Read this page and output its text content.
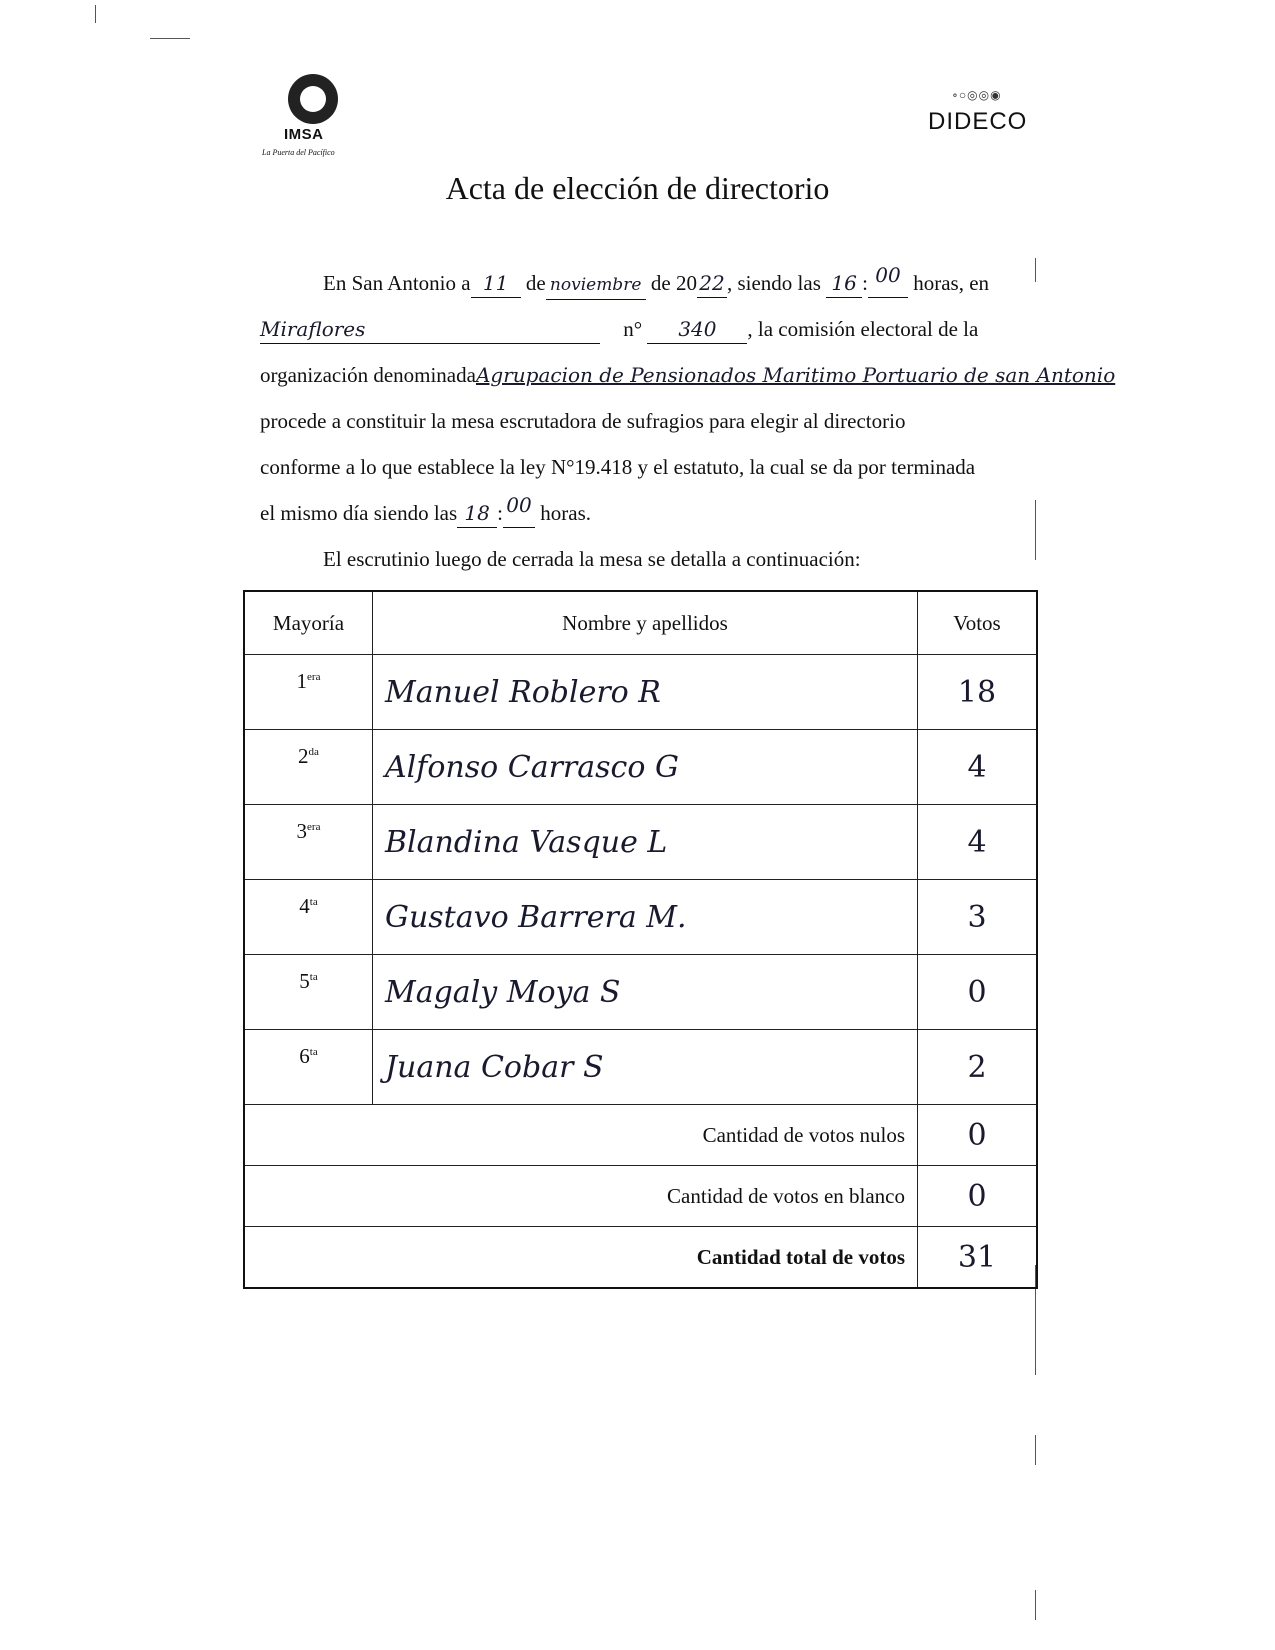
IMSA
La Puerta del Pacífico
∘○◎◎◉
DIDECO
Acta de elección de directorio
En San Antonio a 11 de noviembre de 20 22 , siendo las 16 : $^{00}$ horas, en
Miraflores	n° 340 , la comisión electoral de la
organización denominadaAgrupacion de Pensionados Maritimo Portuario de san Antonio
procede a constituir la mesa escrutadora de sufragios para elegir al directorio
conforme a lo que establece la ley N°19.418 y el estatuto, la cual se da por terminada
el mismo día siendo las 18 : $^{00}$ horas.
El escrutinio luego de cerrada la mesa se detalla a continuación:
Mayoría	Nombre y apellidos	Votos
$1^{era}$	Manuel Roblero R	18
$2^{da}$	Alfonso Carrasco G	4
$3^{era}$	Blandina Vasque L	4
$4^{ta}$	Gustavo Barrera M.	3
$5^{ta}$	Magaly Moya S	0
$6^{ta}$	Juana Cobar S	2
Cantidad de votos nulos		0
Cantidad de votos en blanco		0
Cantidad total de votos		31
